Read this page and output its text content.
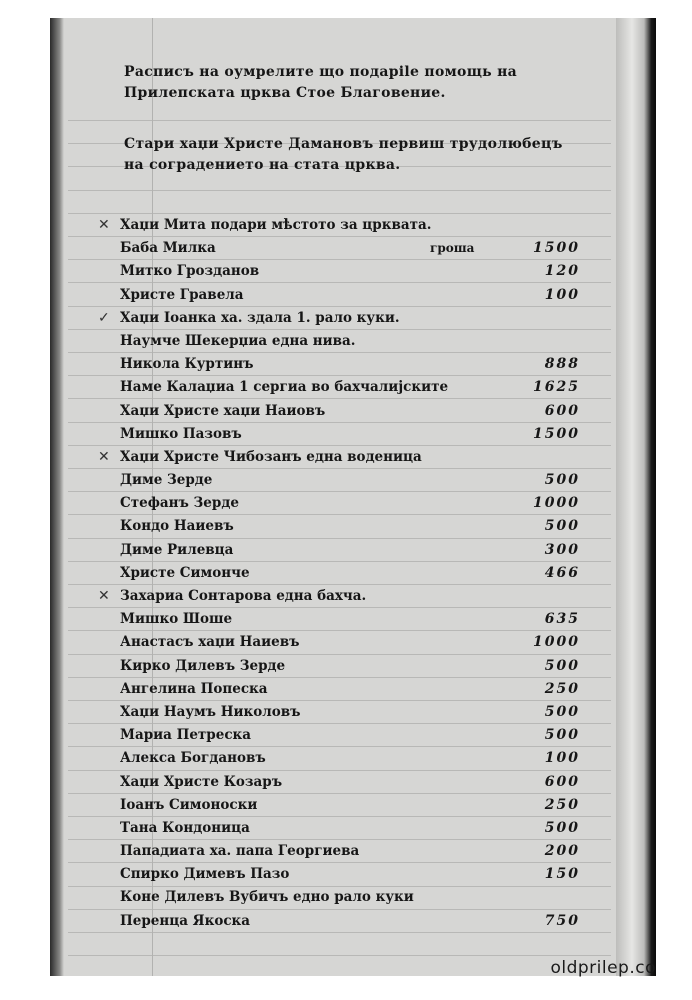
Расписъ на оумрелите що подарile помощь на
Прилепската црква Стое Благовение.
Стари хаџи Христе Дамановъ первиш трудолюбецъ
на соградението на стата црква.
✕ Хаџи Мита подари мѣстото за црквата.
Баба Милка	гроша	1500
Митко Грозданов	120
Христе Гравела	100
✓ Хаџи Іоанка ха. здала 1. рало куки.
Наумче Шекерџиа една нива.
Никола Куртинъ	888
Наме Калаџиа 1 сергиа во бахчалијските	1625
Хаџи Христе хаџи Наиовъ	600
Мишко Пазовъ	1500
✕ Хаџи Христе Чибозанъ една воденица
Диме Зерде	500
Стефанъ Зерде	1000
Кондо Наиевъ	500
Диме Рилевца	300
Христе Симонче	466
✕ Захариа Сонтарова една бахча.
Мишко Шоше	635
Анастасъ хаџи Наиевъ	1000
Кирко Дилевъ Зерде	500
Ангелина Попеска	250
Хаџи Наумъ Николовъ	500
Мариа Петреска	500
Алекса Богдановъ	100
Хаџи Христе Козаръ	600
Іоанъ Симоноски	250
Тана Кондоница	500
Пападиата ха. папа Георгиева	200
Спирко Димевъ Пазо	150
Коне Дилевъ Вубичъ едно рало куки
Перенца Якоска	750
oldprilep.co
